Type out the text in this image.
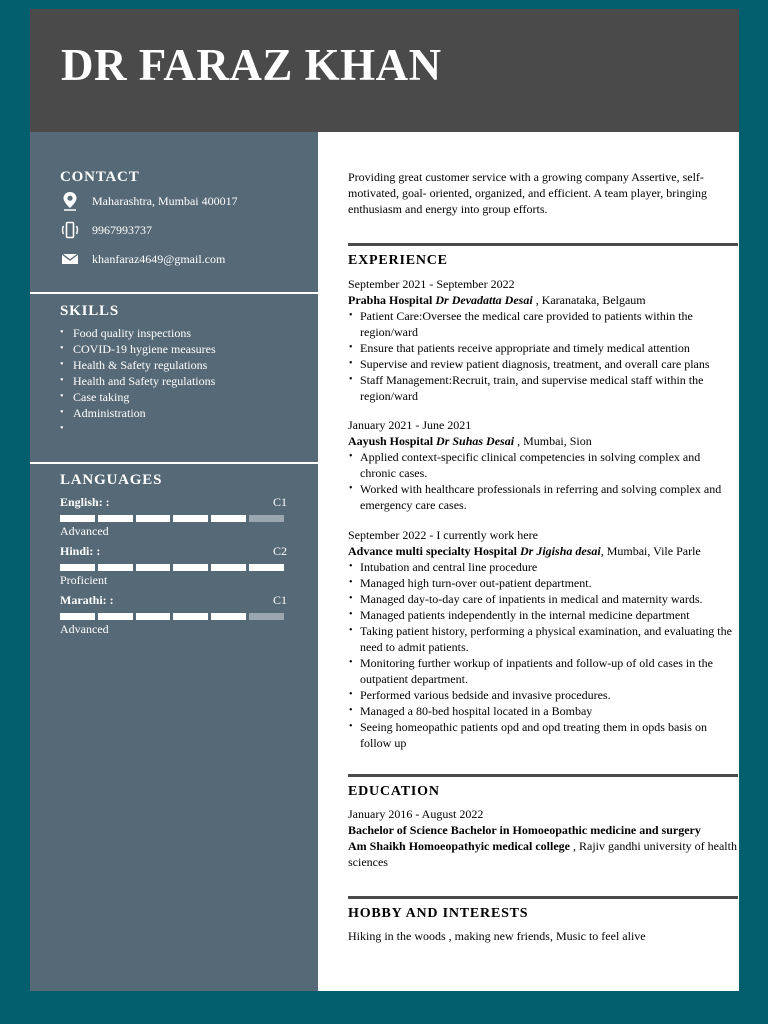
DR FARAZ KHAN
CONTACT
Maharashtra, Mumbai 400017
9967993737
khanfaraz4649@gmail.com
SKILLS
• Food quality inspections
• COVID-19 hygiene measures
• Health & Safety regulations
• Health and Safety regulations
• Case taking
• Administration
•
LANGUAGES
English: :	C1
Advanced
Hindi: :	C2
Proficient
Marathi: :	C1
Advanced

Providing great customer service with a growing company Assertive, self-motivated, goal- oriented, organized, and efficient. A team player, bringing enthusiasm and energy into group efforts.

EXPERIENCE
September 2021 - September 2022
Prabha Hospital Dr Devadatta Desai , Karanataka, Belgaum
• Patient Care:Oversee the medical care provided to patients within the region/ward
• Ensure that patients receive appropriate and timely medical attention
• Supervise and review patient diagnosis, treatment, and overall care plans
• Staff Management:Recruit, train, and supervise medical staff within the region/ward
January 2021 - June 2021
Aayush Hospital Dr Suhas Desai , Mumbai, Sion
• Applied context-specific clinical competencies in solving complex and chronic cases.
• Worked with healthcare professionals in referring and solving complex and emergency care cases.
September 2022 - I currently work here
Advance multi specialty Hospital Dr Jigisha desai, Mumbai, Vile Parle
• Intubation and central line procedure
• Managed high turn-over out-patient department.
• Managed day-to-day care of inpatients in medical and maternity wards.
• Managed patients independently in the internal medicine department
• Taking patient history, performing a physical examination, and evaluating the need to admit patients.
• Monitoring further workup of inpatients and follow-up of old cases in the outpatient department.
• Performed various bedside and invasive procedures.
• Managed a 80-bed hospital located in a Bombay
• Seeing homeopathic patients opd and opd treating them in opds basis on follow up
EDUCATION
January 2016 - August 2022
Bachelor of Science Bachelor in Homoeopathic medicine and surgery
Am Shaikh Homoeopathyic medical college , Rajiv gandhi university of health sciences
HOBBY AND INTERESTS
Hiking in the woods , making new friends, Music to feel alive
